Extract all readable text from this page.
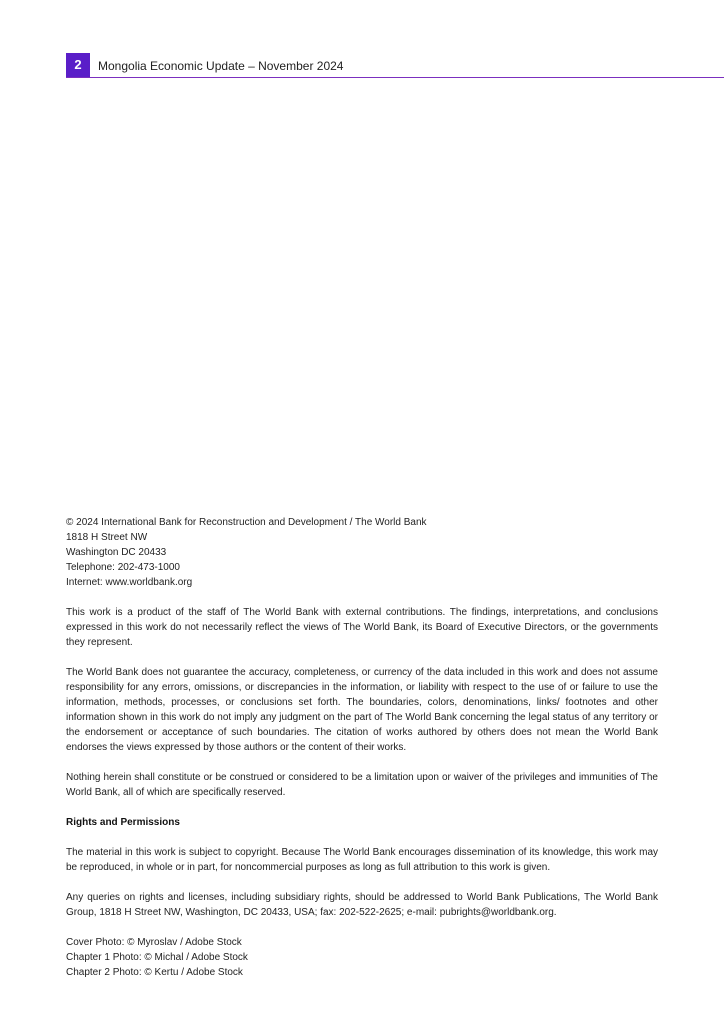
2	Mongolia Economic Update – November 2024

© 2024 International Bank for Reconstruction and Development / The World Bank
1818 H Street NW
Washington DC 20433
Telephone: 202-473-1000
Internet: www.worldbank.org

This work is a product of the staff of The World Bank with external contributions. The findings, interpretations, and conclusions expressed in this work do not necessarily reflect the views of The World Bank, its Board of Executive Directors, or the governments they represent.

The World Bank does not guarantee the accuracy, completeness, or currency of the data included in this work and does not assume responsibility for any errors, omissions, or discrepancies in the information, or liability with respect to the use of or failure to use the information, methods, processes, or conclusions set forth. The boundaries, colors, denominations, links/ footnotes and other information shown in this work do not imply any judgment on the part of The World Bank concerning the legal status of any territory or the endorsement or acceptance of such boundaries. The citation of works authored by others does not mean the World Bank endorses the views expressed by those authors or the content of their works.

Nothing herein shall constitute or be construed or considered to be a limitation upon or waiver of the privileges and immunities of The World Bank, all of which are specifically reserved.

Rights and Permissions

The material in this work is subject to copyright. Because The World Bank encourages dissemination of its knowledge, this work may be reproduced, in whole or in part, for noncommercial purposes as long as full attribution to this work is given.

Any queries on rights and licenses, including subsidiary rights, should be addressed to World Bank Publications, The World Bank Group, 1818 H Street NW, Washington, DC 20433, USA; fax: 202-522-2625; e-mail: pubrights@worldbank.org.

Cover Photo: © Myroslav / Adobe Stock
Chapter 1 Photo: © Michal / Adobe Stock
Chapter 2 Photo: © Kertu / Adobe Stock
